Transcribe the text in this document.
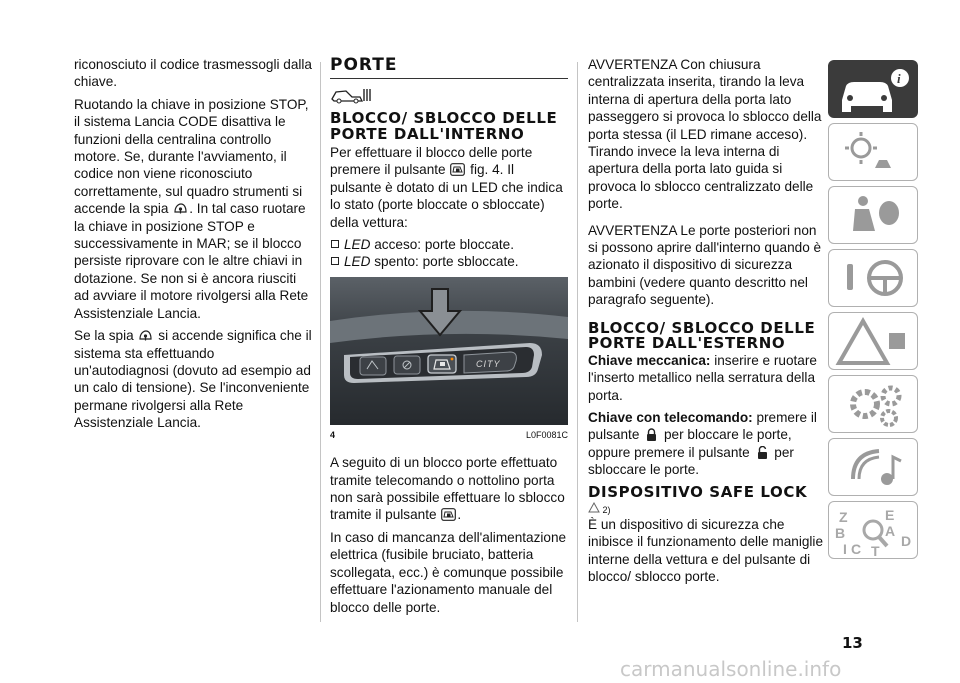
riconosciuto il codice trasmessogli dalla chiave.

Ruotando la chiave in posizione STOP, il sistema Lancia CODE disattiva le funzioni della centralina controllo motore. Se, durante l'avviamento, il codice non viene riconosciuto correttamente, sul quadro strumenti si accende la spia . In tal caso ruotare la chiave in posizione STOP e successivamente in MAR; se il blocco persiste riprovare con le altre chiavi in dotazione. Se non si è ancora riusciti ad avviare il motore rivolgersi alla Rete Assistenziale Lancia.

Se la spia si accende significa che il sistema sta effettuando un'autodiagnosi (dovuto ad esempio ad un calo di tensione). Se l'inconveniente permane rivolgersi alla Rete Assistenziale Lancia.

PORTE
BLOCCO/ SBLOCCO DELLE PORTE DALL'INTERNO

Per effettuare il blocco delle porte premere il pulsante fig. 4. Il pulsante è dotato di un LED che indica lo stato (porte bloccate o sbloccate) della vettura:

LED acceso: porte bloccate.
LED spento: porte sbloccate.
CITY
4	L0F0081C

A seguito di un blocco porte effettuato tramite telecomando o nottolino porta non sarà possibile effettuare lo sblocco tramite il pulsante .

In caso di mancanza dell'alimentazione elettrica (fusibile bruciato, batteria scollegata, ecc.) è comunque possibile effettuare l'azionamento manuale del blocco delle porte.

AVVERTENZA Con chiusura centralizzata inserita, tirando la leva interna di apertura della porta lato passeggero si provoca lo sblocco della porta stessa (il LED rimane acceso). Tirando invece la leva interna di apertura della porta lato guida si provoca lo sblocco centralizzato delle porte.

AVVERTENZA Le porte posteriori non si possono aprire dall'interno quando è azionato il dispositivo di sicurezza bambini (vedere quanto descritto nel paragrafo seguente).

BLOCCO/ SBLOCCO DELLE PORTE DALL'ESTERNO

Chiave meccanica: inserire e ruotare l'inserto metallico nella serratura della porta.

Chiave con telecomando: premere il pulsante
per bloccare le porte, oppure premere il pulsante
per sbloccare le porte.

DISPOSITIVO SAFE LOCK
2)

È un dispositivo di sicurezza che inibisce il funzionamento delle maniglie interne della vettura e del pulsante di blocco/ sblocco porte.

i
Z	E
B	A
C T
D
I
13
carmanualsonline.info
